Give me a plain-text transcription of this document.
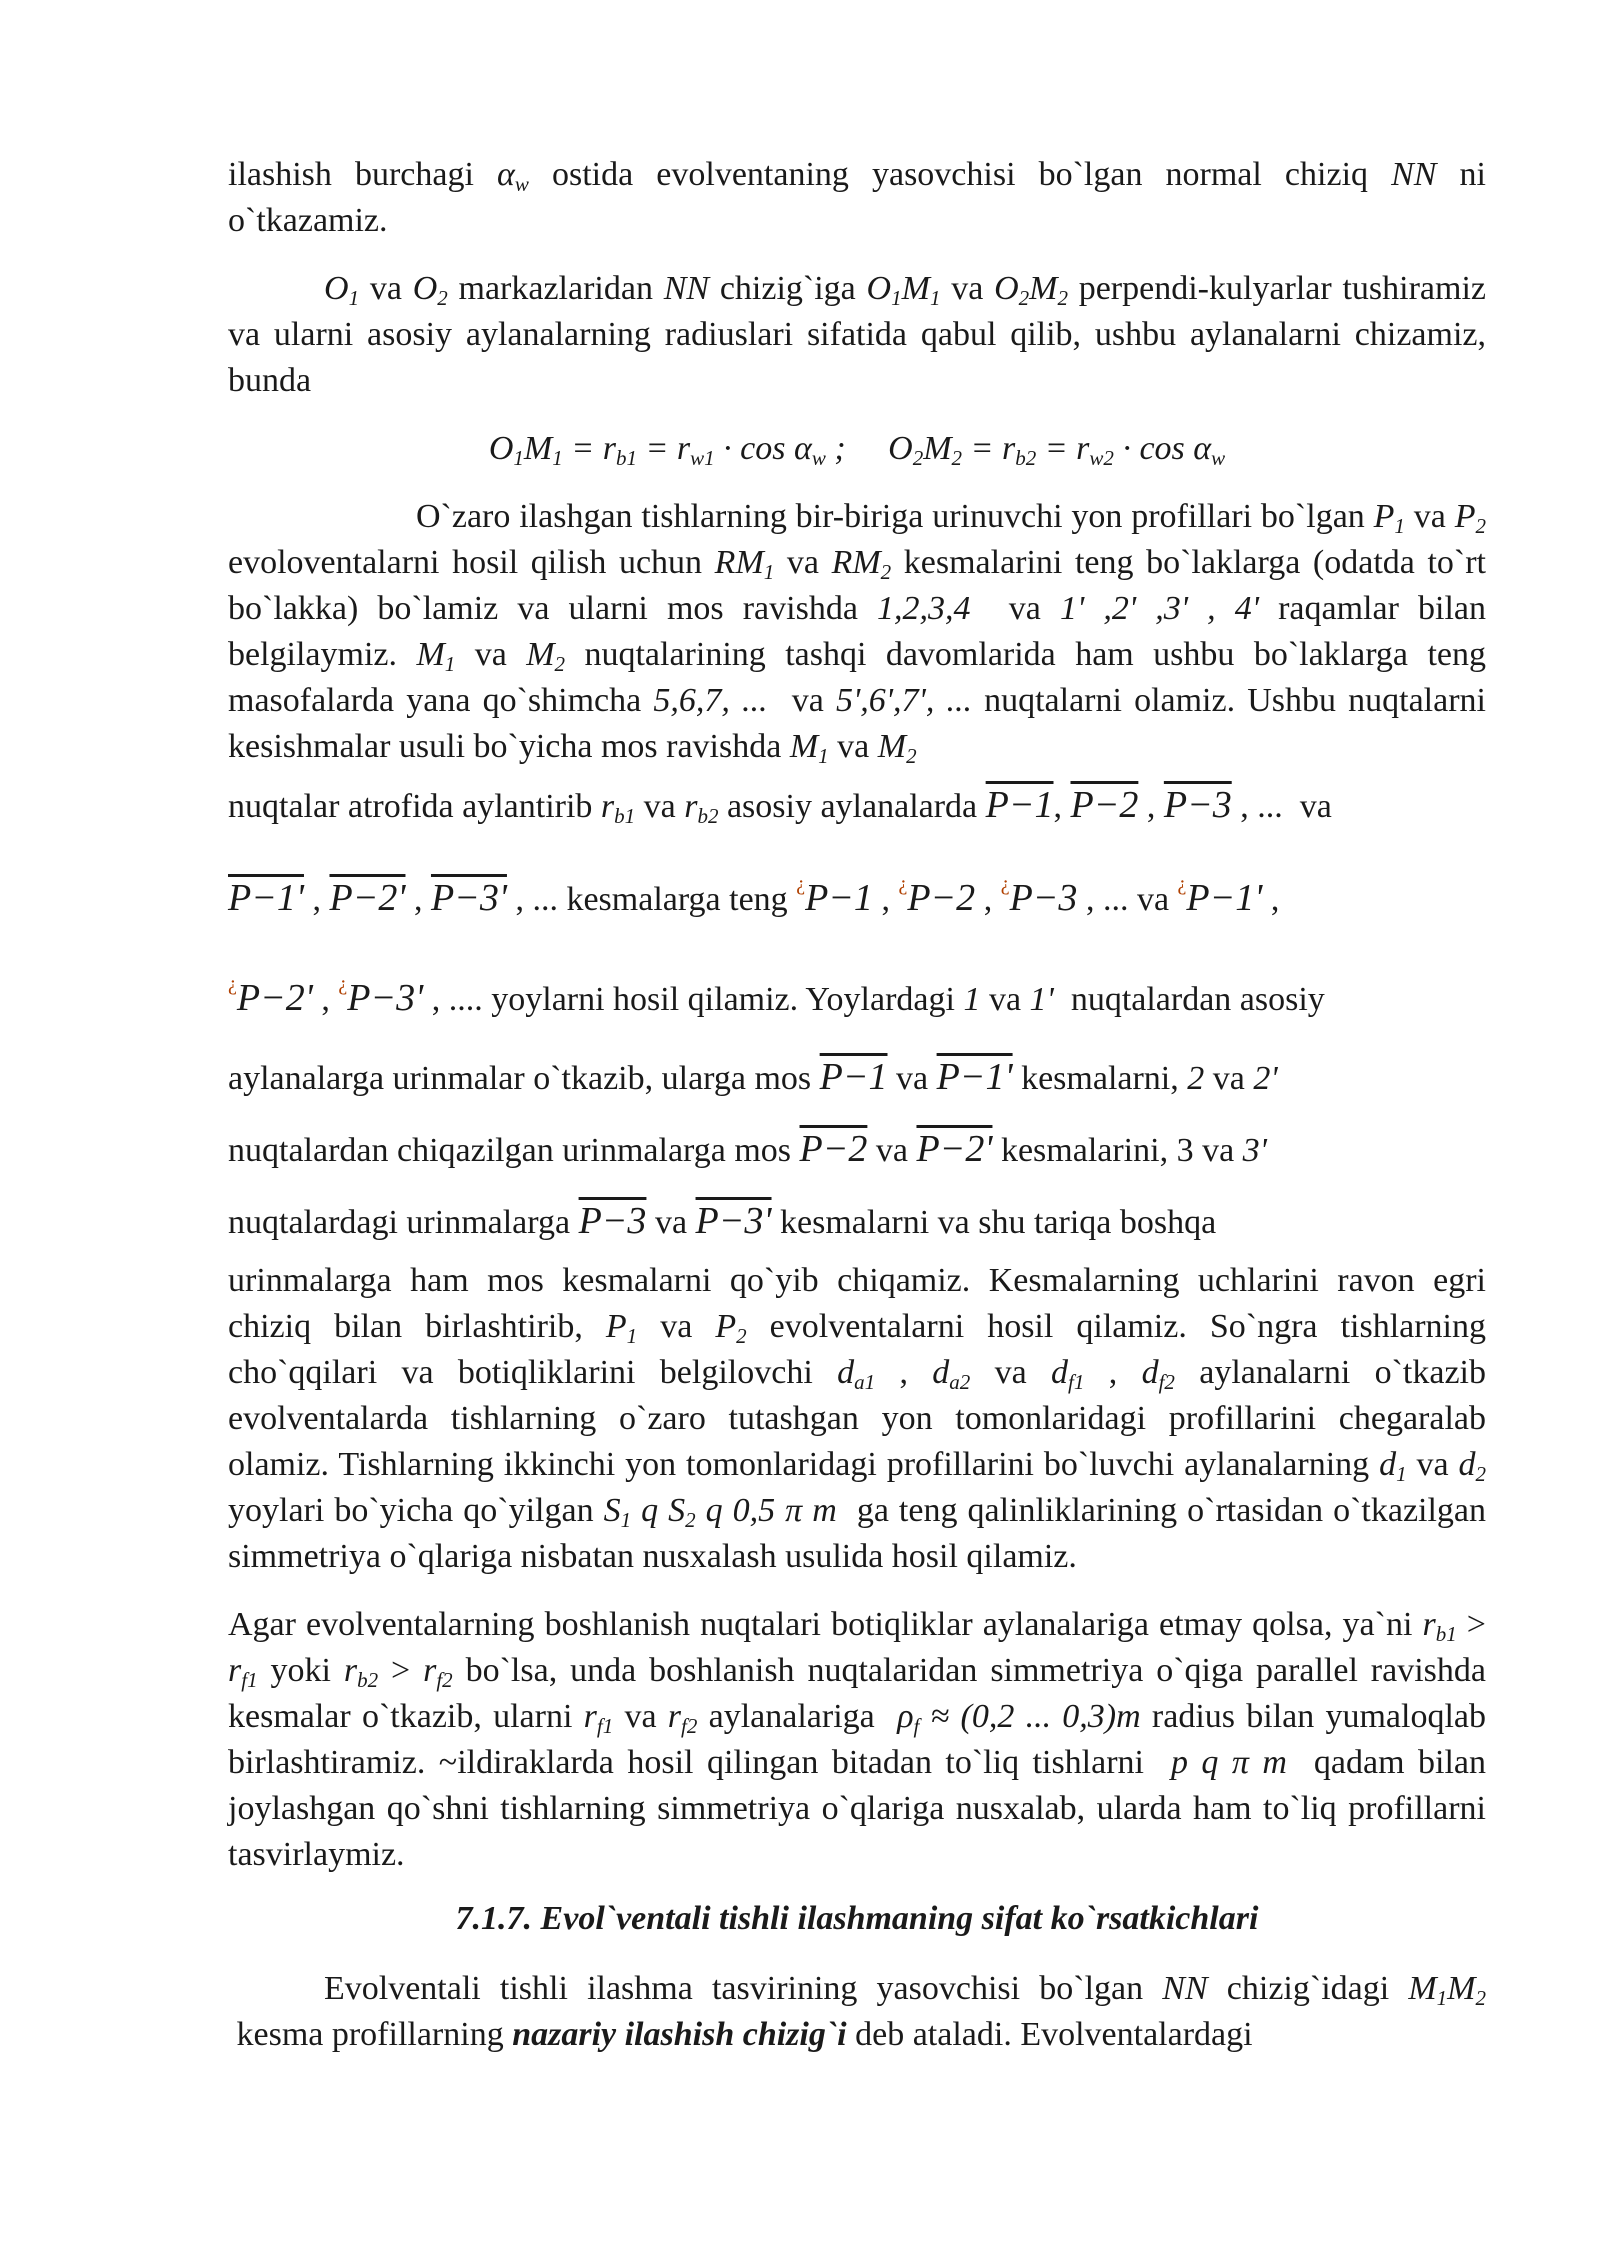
ilashish burchagi $\alpha_w$ ostida evolventaning yasovchisi bo`lgan normal chiziq NN ni o`tkazamiz.

$O_1$ va $O_2$ markazlaridan NN chizig`iga $O_1M_1$ va $O_2M_2$ perpendi-kulyarlar tushiramiz va ularni asosiy aylanalarning radiuslari sifatida qabul qilib, ushbu aylanalarni chizamiz, bunda

$O_1M_1 = r_{b1} = r_{w1} \cdot \cos \alpha_w$ ; $O_2M_2 = r_{b2} = r_{w2} \cdot \cos \alpha_w$

O`zaro ilashgan tishlarning bir-biriga urinuvchi yon profillari bo`lgan $P_1$ va $P_2$ evoloventalarni hosil qilish uchun $RM_1$ va $RM_2$ kesmalarini teng bo`laklarga (odatda to`rt bo`lakka) bo`lamiz va ularni mos ravishda 1,2,3,4  va 1' ,2' ,3' , 4' raqamlar bilan belgilaymiz. $M_1$ va $M_2$ nuqtalarining tashqi davomlarida ham ushbu bo`laklarga teng masofalarda yana qo`shimcha 5,6,7, ...  va 5',6',7', ... nuqtalarni olamiz. Ushbu nuqtalarni kesishmalar usuli bo`yicha mos ravishda $M_1$ va $M_2$
nuqtalar atrofida aylantirib $r_{b1}$ va $r_{b2}$ asosiy aylanalarda P−1, P−2 , P−3 , ...  va
P−1' , P−2' , P−3' , ... kesmalarga teng ¿P−1 , ¿P−2 , ¿P−3 , ... va ¿P−1' ,
¿P−2' , ¿P−3' , .... yoylarni hosil qilamiz. Yoylardagi 1 va 1'  nuqtalardan asosiy
aylanalarga urinmalar o`tkazib, ularga mos P−1 va P−1' kesmalarni, 2 va 2'
nuqtalardan chiqazilgan urinmalarga mos P−2 va P−2' kesmalarini, 3 va 3'
nuqtalardagi urinmalarga P−3 va P−3' kesmalarni va shu tariqa boshqa
urinmalarga ham mos kesmalarni qo`yib chiqamiz. Kesmalarning uchlarini ravon egri chiziq bilan birlashtirib, $P_1$ va $P_2$ evolventalarni hosil qilamiz. So`ngra tishlarning cho`qqilari va botiqliklarini belgilovchi $d_{a1}$ , $d_{a2}$ va $d_{f1}$ , $d_{f2}$ aylanalarni o`tkazib evolventalarda tishlarning o`zaro tutashgan yon tomonlaridagi profillarini chegaralab olamiz. Tishlarning ikkinchi yon tomonlaridagi profillarini bo`luvchi aylanalarning $d_1$ va $d_2$ yoylari bo`yicha qo`yilgan $S_1$ q $S_2$ q 0,5 π m  ga teng qalinliklarining o`rtasidan o`tkazilgan simmetriya o`qlariga nisbatan nusxalash usulida hosil qilamiz.

Agar evolventalarning boshlanish nuqtalari botiqliklar aylanalariga etmay qolsa, ya`ni $r_{b1} > r_{f1}$ yoki $r_{b2} > r_{f2}$ bo`lsa, unda boshlanish nuqtalaridan simmetriya o`qiga parallel ravishda kesmalar o`tkazib, ularni $r_{f1}$ va $r_{f2}$ aylanalariga  $\rho_f \approx (0,2$ ... 0,3)m radius bilan yumaloqlab birlashtiramiz. ~ildiraklarda hosil qilingan bitadan to`liq tishlarni  p q π m  qadam bilan joylashgan qo`shni tishlarning simmetriya o`qlariga nusxalab, ularda ham to`liq profillarni tasvirlaymiz.

7.1.7. Evol`ventali tishli ilashmaning sifat ko`rsatkichlari

Evolventali tishli ilashma tasvirining yasovchisi bo`lgan NN chizig`idagi $M_1M_2$  kesma profillarning nazariy ilashish chizig`i deb ataladi. Evolventalardagi
